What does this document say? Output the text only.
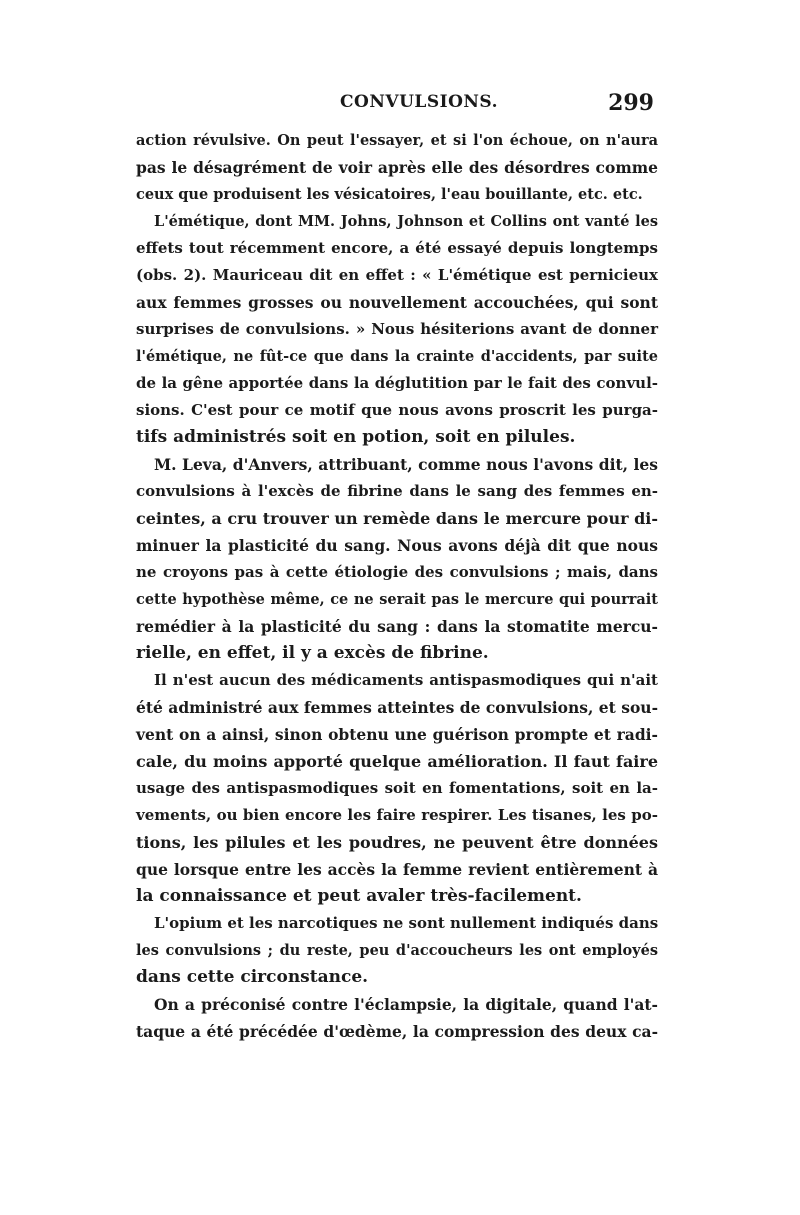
CONVULSIONS.	299
action révulsive. On peut l'essayer, et si l'on échoue, on n'aura
pas le désagrément de voir après elle des désordres comme
ceux que produisent les vésicatoires, l'eau bouillante, etc. etc.
L'émétique, dont MM. Johns, Johnson et Collins ont vanté les
effets tout récemment encore, a été essayé depuis longtemps
(obs. 2). Mauriceau dit en effet : « L'émétique est pernicieux
aux femmes grosses ou nouvellement accouchées, qui sont
surprises de convulsions. » Nous hésiterions avant de donner
l'émétique, ne fût-ce que dans la crainte d'accidents, par suite
de la gêne apportée dans la déglutition par le fait des convul-
sions. C'est pour ce motif que nous avons proscrit les purga-
tifs administrés soit en potion, soit en pilules.
M. Leva, d'Anvers, attribuant, comme nous l'avons dit, les
convulsions à l'excès de fibrine dans le sang des femmes en-
ceintes, a cru trouver un remède dans le mercure pour di-
minuer la plasticité du sang. Nous avons déjà dit que nous
ne croyons pas à cette étiologie des convulsions ; mais, dans
cette hypothèse même, ce ne serait pas le mercure qui pourrait
remédier à la plasticité du sang : dans la stomatite mercu-
rielle, en effet, il y a excès de fibrine.
Il n'est aucun des médicaments antispasmodiques qui n'ait
été administré aux femmes atteintes de convulsions, et sou-
vent on a ainsi, sinon obtenu une guérison prompte et radi-
cale, du moins apporté quelque amélioration. Il faut faire
usage des antispasmodiques soit en fomentations, soit en la-
vements, ou bien encore les faire respirer. Les tisanes, les po-
tions, les pilules et les poudres, ne peuvent être données
que lorsque entre les accès la femme revient entièrement à
la connaissance et peut avaler très-facilement.
L'opium et les narcotiques ne sont nullement indiqués dans
les convulsions ; du reste, peu d'accoucheurs les ont employés
dans cette circonstance.
On a préconisé contre l'éclampsie, la digitale, quand l'at-
taque a été précédée d'œdème, la compression des deux ca-
